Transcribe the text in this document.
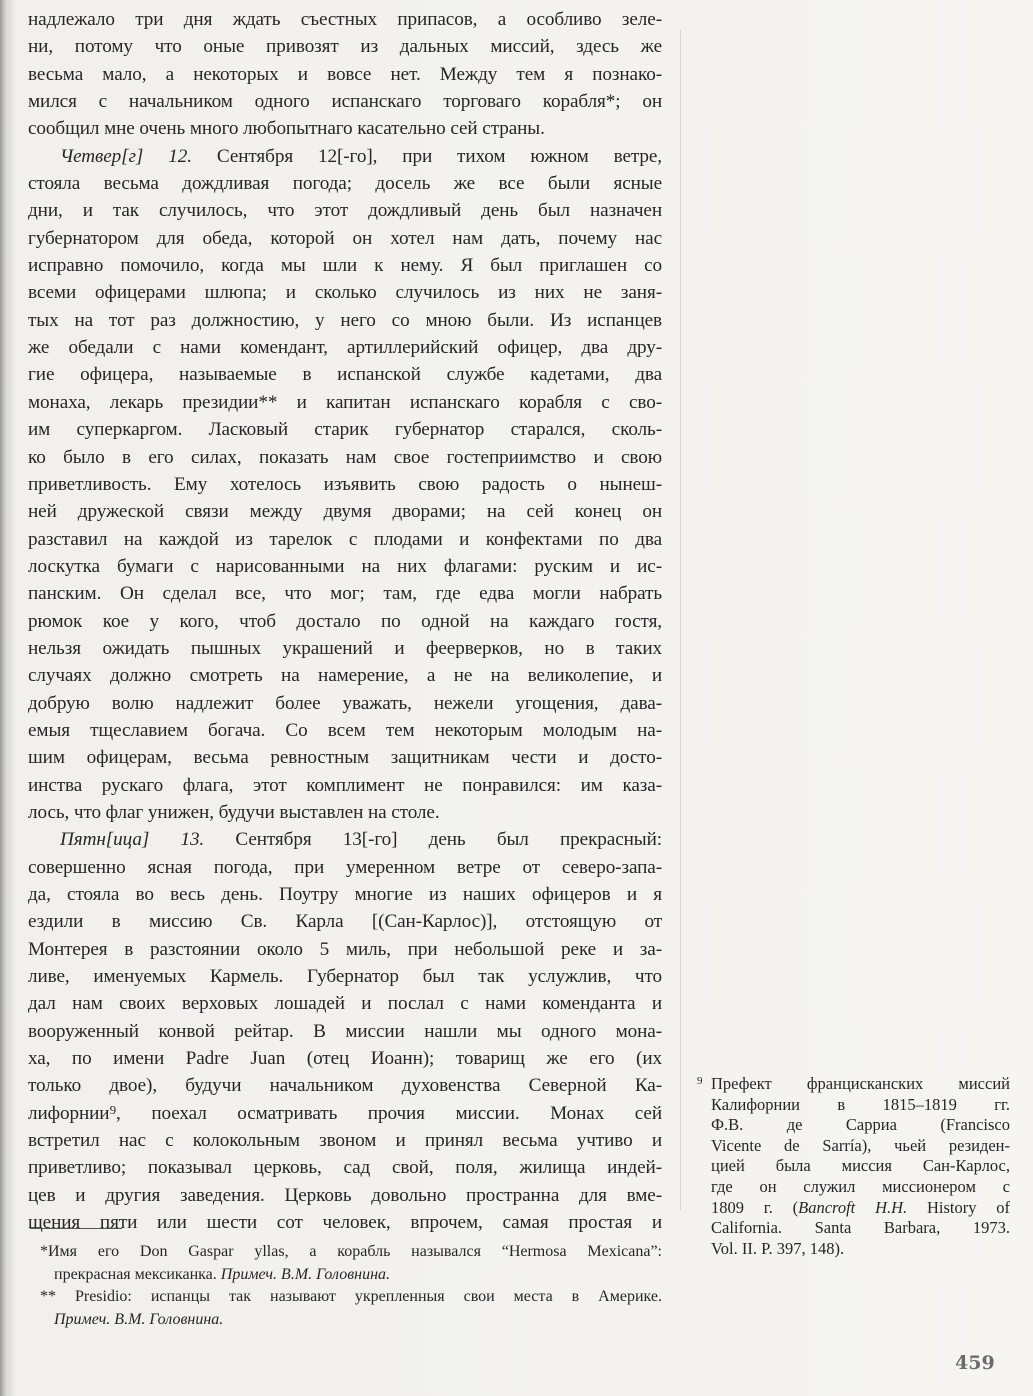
надлежало три дня ждать съестных припасов, а особливо зеле-
ни, потому что оные привозят из дальных миссий, здесь же
весьма мало, а некоторых и вовсе нет. Между тем я познако-
мился с начальником одного испанскаго торговаго корабля*; он
сообщил мне очень много любопытнаго касательно сей страны.
Четвер[г] 12. Сентября 12[-го], при тихом южном ветре,
стояла весьма дождливая погода; досель же все были ясные
дни, и так случилось, что этот дождливый день был назначен
губернатором для обеда, которой он хотел нам дать, почему нас
исправно помочило, когда мы шли к нему. Я был приглашен со
всеми офицерами шлюпа; и сколько случилось из них не заня-
тых на тот раз должностию, у него со мною были. Из испанцев
же обедали с нами комендант, артиллерийский офицер, два дру-
гие офицера, называемые в испанской службе кадетами, два
монаха, лекарь президии** и капитан испанскаго корабля с сво-
им суперкаргом. Ласковый старик губернатор старался, сколь-
ко было в его силах, показать нам свое гостеприимство и свою
приветливость. Ему хотелось изъявить свою радость о нынеш-
ней дружеской связи между двумя дворами; на сей конец он
разставил на каждой из тарелок с плодами и конфектами по два
лоскутка бумаги с нарисованными на них флагами: руским и ис-
панским. Он сделал все, что мог; там, где едва могли набрать
рюмок кое у кого, чтоб достало по одной на каждаго гостя,
нельзя ожидать пышных украшений и феерверков, но в таких
случаях должно смотреть на намерение, а не на великолепие, и
добрую волю надлежит более уважать, нежели угощения, дава-
емыя тщеславием богача. Со всем тем некоторым молодым на-
шим офицерам, весьма ревностным защитникам чести и досто-
инства рускаго флага, этот комплимент не понравился: им каза-
лось, что флаг унижен, будучи выставлен на столе.
Пятн[ица] 13. Сентября 13[-го] день был прекрасный:
совершенно ясная погода, при умеренном ветре от северо-запа-
да, стояла во весь день. Поутру многие из наших офицеров и я
ездили в миссию Св. Карла [(Сан-Карлос)], отстоящую от
Монтерея в разстоянии около 5 миль, при небольшой реке и за-
ливе, именуемых Кармель. Губернатор был так услужлив, что
дал нам своих верховых лошадей и послал с нами коменданта и
вооруженный конвой рейтар. В миссии нашли мы одного мона-
ха, по имени Padre Juan (отец Иоанн); товарищ же его (их
только двое), будучи начальником духовенства Северной Ка-
лифорнии⁹, поехал осматривать прочия миссии. Монах сей
встретил нас с колокольным звоном и принял весьма учтиво и
приветливо; показывал церковь, сад свой, поля, жилища индей-
цев и другия заведения. Церковь довольно пространна для вме-
щения пяти или шести сот человек, впрочем, самая простая и
*Имя его Don Gaspar yllas, а корабль назывался “Hermosa Mexicana”:
прекрасная мексиканка. Примеч. В.М. Головнина.
** Presidio: испанцы так называют укрепленныя свои места в Америке.
Примеч. В.М. Головнина.
9 Префект францисканских миссий
Калифорнии в 1815–1819 гг.
Ф.В. де Сарриа (Francisco
Vicente de Sarría), чьей резиден-
цией была миссия Сан-Карлос,
где он служил миссионером с
1809 г. (Bancroft H.H. History of
California. Santa Barbara, 1973.
Vol. II. P. 397, 148).
459
